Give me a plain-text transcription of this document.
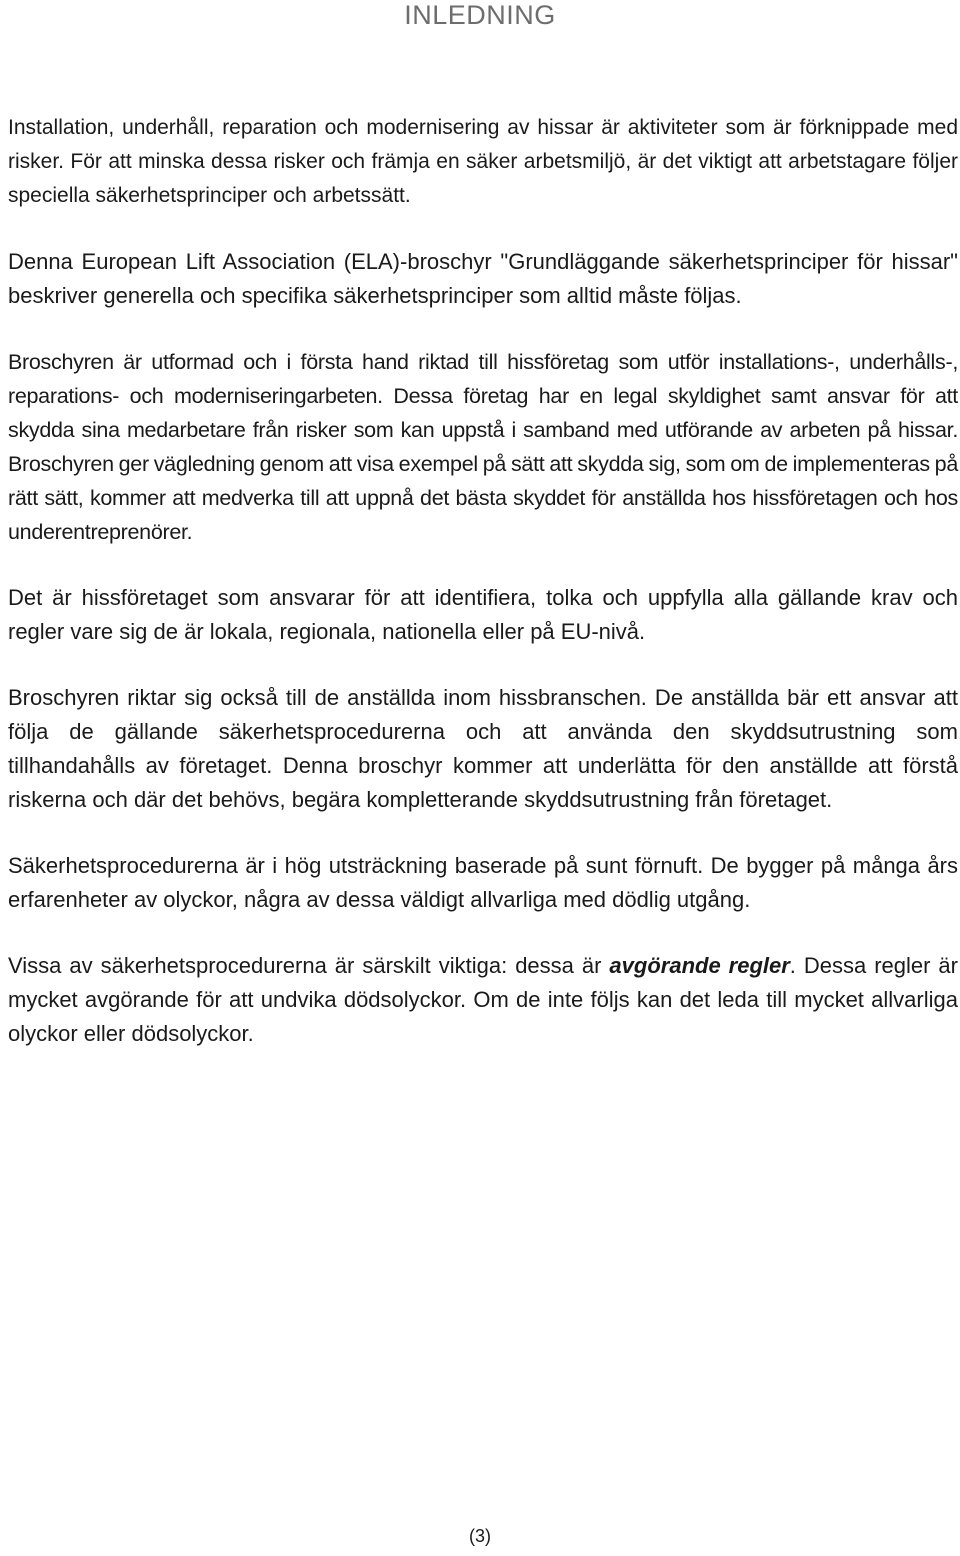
INLEDNING

Installation, underhåll, reparation och modernisering av hissar är aktiviteter som är förknippade med risker. För att minska dessa risker och främja en säker arbetsmiljö, är det viktigt att arbetstagare följer speciella säkerhetsprinciper och arbetssätt.

Denna European Lift Association (ELA)-broschyr "Grundläggande säkerhetsprinciper för hissar" beskriver generella och specifika säkerhetsprinciper som alltid måste följas.

Broschyren är utformad och i första hand riktad till hissföretag som utför installations-, underhålls-, reparations- och moderniseringarbeten. Dessa företag har en legal skyldighet samt ansvar för att skydda sina medarbetare från risker som kan uppstå i samband med utförande av arbeten på hissar. Broschyren ger vägledning genom att visa exempel på sätt att skydda sig, som om de implementeras på rätt sätt, kommer att medverka till att uppnå det bästa skyddet för anställda hos hissföretagen och hos underentreprenörer.

Det är hissföretaget som ansvarar för att identifiera, tolka och uppfylla alla gällande krav och regler vare sig de är lokala, regionala, nationella eller på EU-nivå.

Broschyren riktar sig också till de anställda inom hissbranschen. De anställda bär ett ansvar att följa de gällande säkerhetsprocedurerna och att använda den skyddsutrustning som tillhandahålls av företaget. Denna broschyr kommer att underlätta för den anställde att förstå riskerna och där det behövs, begära kompletterande skyddsutrustning från företaget.

Säkerhetsprocedurerna är i hög utsträckning baserade på sunt förnuft. De bygger på många års erfarenheter av olyckor, några av dessa väldigt allvarliga med dödlig utgång.

Vissa av säkerhetsprocedurerna är särskilt viktiga: dessa är avgörande regler. Dessa regler är mycket avgörande för att undvika dödsolyckor. Om de inte följs kan det leda till mycket allvarliga olyckor eller dödsolyckor.

(3)
